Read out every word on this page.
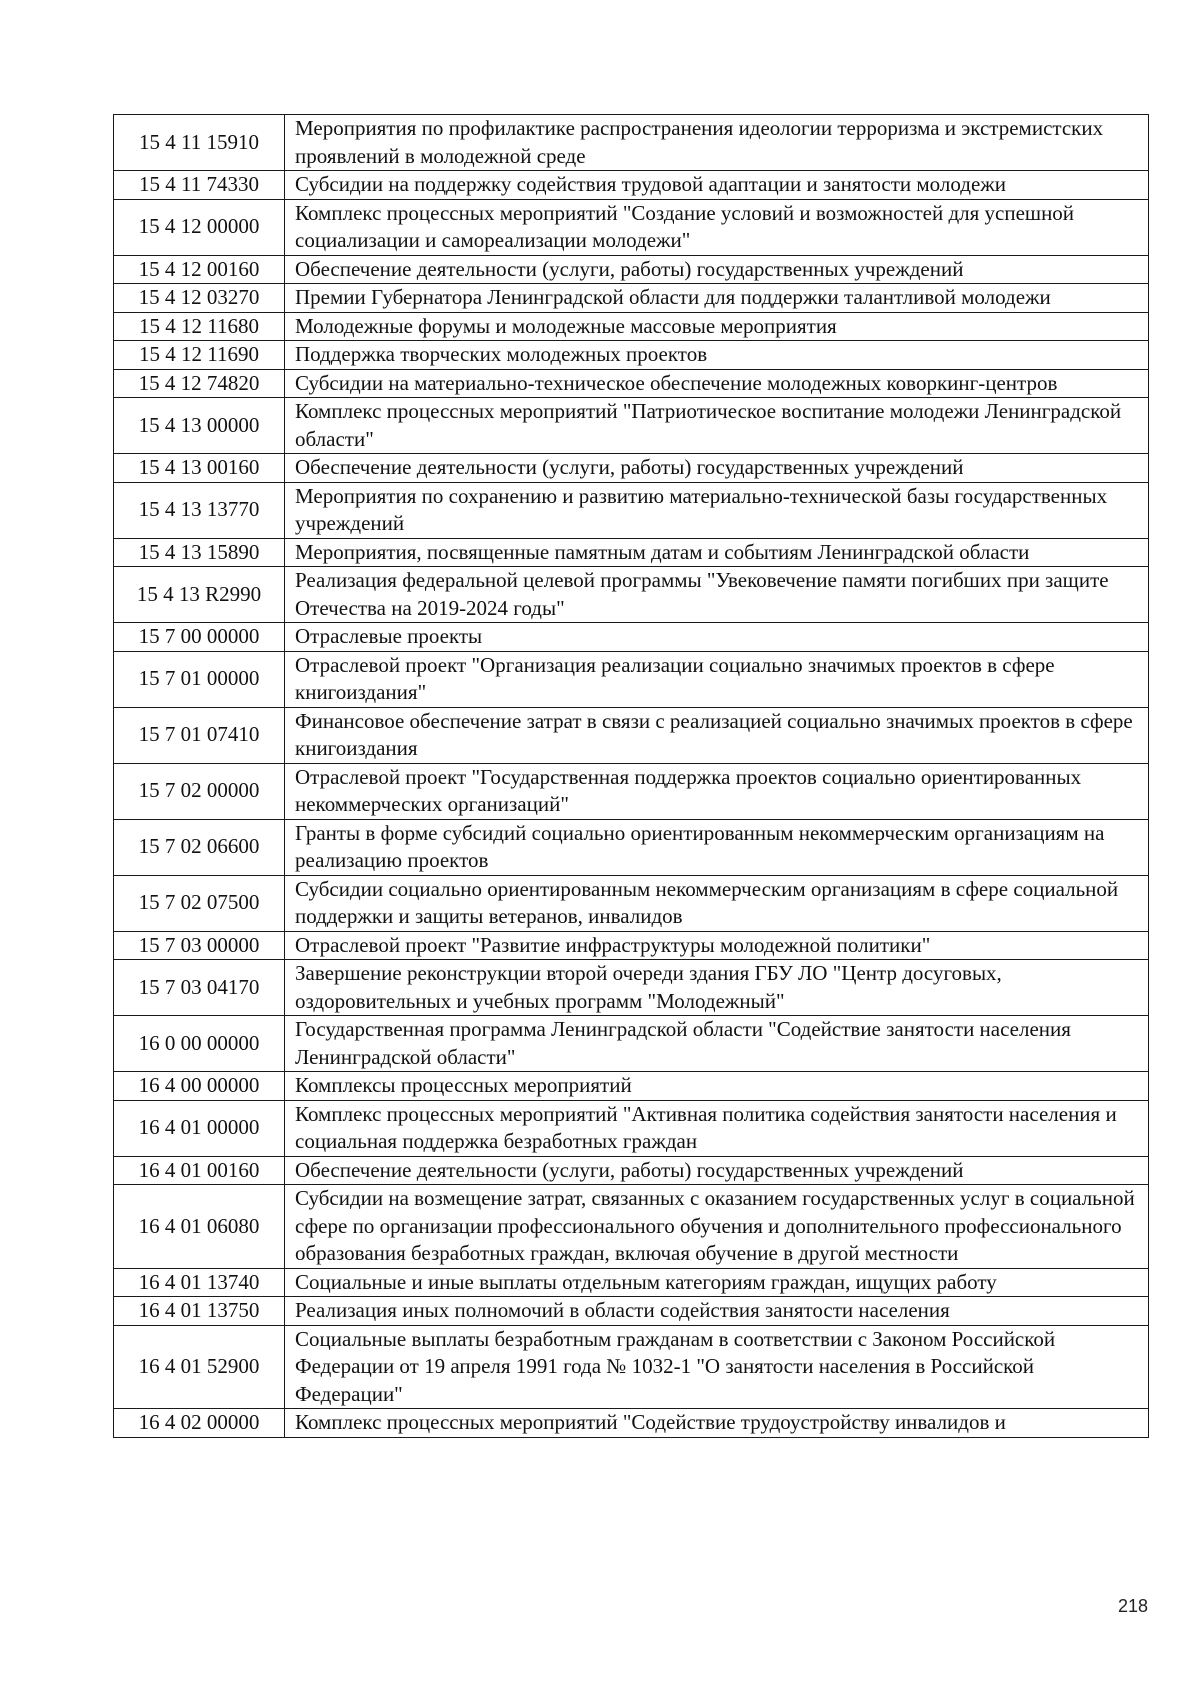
15 4 11 15910	Мероприятия по профилактике распространения идеологии терроризма и экстремистских проявлений в молодежной среде
15 4 11 74330	Субсидии на поддержку содействия трудовой адаптации и занятости молодежи
15 4 12 00000	Комплекс процессных мероприятий "Создание условий и возможностей для успешной социализации и самореализации молодежи"
15 4 12 00160	Обеспечение деятельности (услуги, работы) государственных учреждений
15 4 12 03270	Премии Губернатора Ленинградской области для поддержки талантливой молодежи
15 4 12 11680	Молодежные форумы и молодежные массовые мероприятия
15 4 12 11690	Поддержка творческих молодежных проектов
15 4 12 74820	Субсидии на материально-техническое обеспечение молодежных коворкинг-центров
15 4 13 00000	Комплекс процессных мероприятий "Патриотическое воспитание молодежи Ленинградской области"
15 4 13 00160	Обеспечение деятельности (услуги, работы) государственных учреждений
15 4 13 13770	Мероприятия по сохранению и развитию материально-технической базы государственных учреждений
15 4 13 15890	Мероприятия, посвященные памятным датам и событиям Ленинградской области
15 4 13 R2990	Реализация федеральной целевой программы "Увековечение памяти погибших при защите Отечества на 2019-2024 годы"
15 7 00 00000	Отраслевые проекты
15 7 01 00000	Отраслевой проект "Организация реализации социально значимых проектов в сфере книгоиздания"
15 7 01 07410	Финансовое обеспечение затрат в связи с реализацией социально значимых проектов в сфере книгоиздания
15 7 02 00000	Отраслевой проект "Государственная поддержка проектов социально ориентированных некоммерческих организаций"
15 7 02 06600	Гранты в форме субсидий социально ориентированным некоммерческим организациям на реализацию проектов
15 7 02 07500	Субсидии социально ориентированным некоммерческим организациям в сфере социальной поддержки и защиты ветеранов, инвалидов
15 7 03 00000	Отраслевой проект "Развитие инфраструктуры молодежной политики"
15 7 03 04170	Завершение реконструкции второй очереди здания ГБУ ЛО "Центр досуговых, оздоровительных и учебных программ "Молодежный"
16 0 00 00000	Государственная программа Ленинградской области "Содействие занятости населения Ленинградской области"
16 4 00 00000	Комплексы процессных мероприятий
16 4 01 00000	Комплекс процессных мероприятий "Активная политика содействия занятости населения и социальная поддержка безработных граждан
16 4 01 00160	Обеспечение деятельности (услуги, работы) государственных учреждений
16 4 01 06080	Субсидии на возмещение затрат, связанных с оказанием государственных услуг в социальной сфере по организации профессионального обучения и дополнительного профессионального образования безработных граждан, включая обучение в другой местности
16 4 01 13740	Социальные и иные выплаты отдельным категориям граждан, ищущих работу
16 4 01 13750	Реализация иных полномочий в области содействия занятости населения
16 4 01 52900	Социальные выплаты безработным гражданам в соответствии с Законом Российской Федерации от 19 апреля 1991 года № 1032-1 "О занятости населения в Российской Федерации"
16 4 02 00000	Комплекс процессных мероприятий "Содействие трудоустройству инвалидов и
218
